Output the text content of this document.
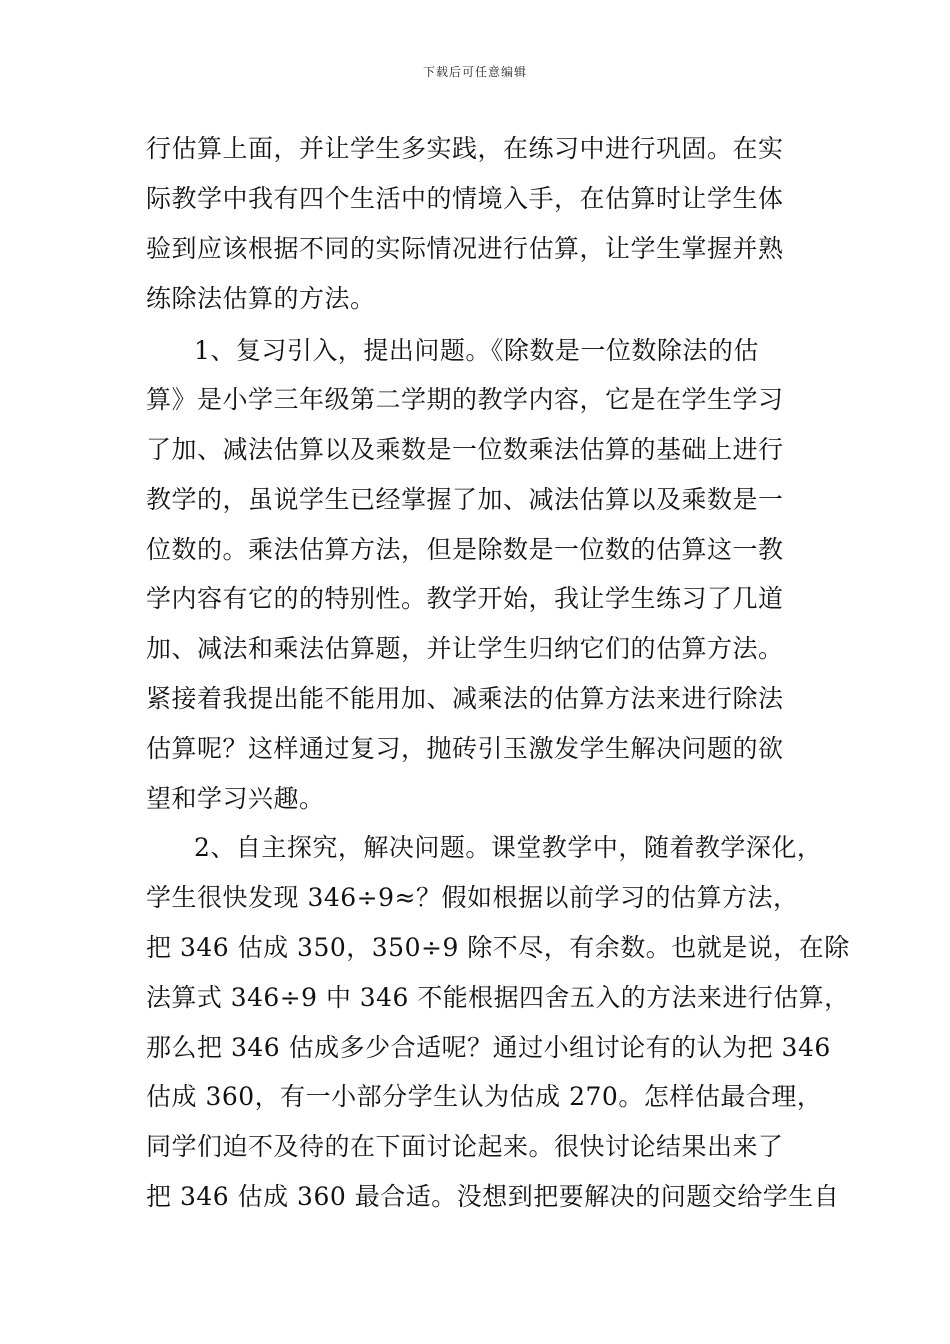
下载后可任意编辑
行估算上面，并让学生多实践，在练习中进行巩固。在实
际教学中我有四个生活中的情境入手，在估算时让学生体
验到应该根据不同的实际情况进行估算，让学生掌握并熟
练除法估算的方法。
1、复习引入，提出问题。《除数是一位数除法的估
算》是小学三年级第二学期的教学内容，它是在学生学习
了加、减法估算以及乘数是一位数乘法估算的基础上进行
教学的，虽说学生已经掌握了加、减法估算以及乘数是一
位数的。乘法估算方法，但是除数是一位数的估算这一教
学内容有它的的特别性。教学开始，我让学生练习了几道
加、减法和乘法估算题，并让学生归纳它们的估算方法。
紧接着我提出能不能用加、减乘法的估算方法来进行除法
估算呢？这样通过复习，抛砖引玉激发学生解决问题的欲
望和学习兴趣。
2、自主探究，解决问题。课堂教学中，随着教学深化，
学生很快发现 346÷9≈？假如根据以前学习的估算方法，
把 346 估成 350，350÷9 除不尽，有余数。也就是说，在除
法算式 346÷9 中 346 不能根据四舍五入的方法来进行估算，
那么把 346 估成多少合适呢？通过小组讨论有的认为把 346
估成 360，有一小部分学生认为估成 270。怎样估最合理，
同学们迫不及待的在下面讨论起来。很快讨论结果出来了
把 346 估成 360 最合适。没想到把要解决的问题交给学生自
